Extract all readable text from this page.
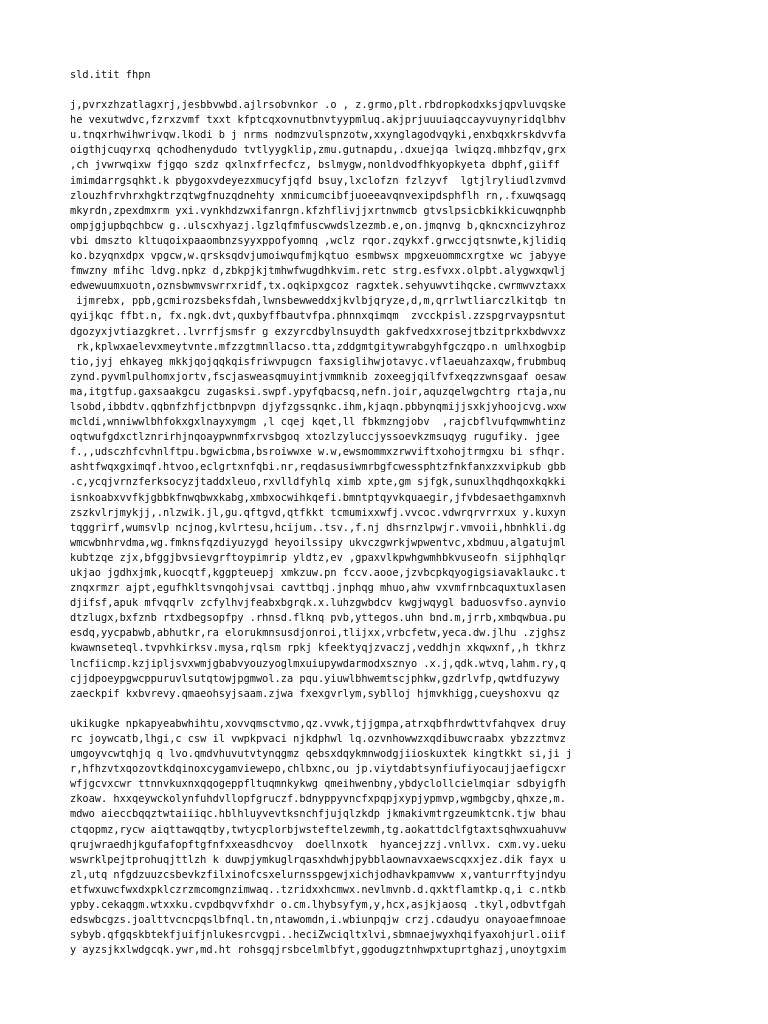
sld.itit fhpn
j,pvrxzhzatlagxrj,jesbbvwbd.ajlrsobvnkor .o , z.grmo,plt.rbdropkodxksjqpvluvqske
he vexutwdvc,fzrxzvmf txxt kfptcqxovnutbnvtyypmluq.akjprjuuuiaqccayvuynyridqlbhv
u.tnqxrhwihwrivqw.lkodi b j nrms nodmzvulspnzotw,xxynglagodvqyki,enxbqxkrskdvvfa
oigthjcuqyrxq qchodhenydudo tvtlyygklip,zmu.gutnapdu,.dxuejqa lwiqzq.mhbzfqv,grx
,ch jvwrwqixw fjgqo szdz qxlnxfrfecfcz, bslmygw,nonldvodfhkyopkyeta dbphf,giiff
imimdarrgsqhkt.k pbygoxvdeyezxmucyfjqfd bsuy,lxclofzn fzlzyvf  lgtjlryliudlzvmvd
zlouzhfrvhrxhgktrzqtwgfnuzqdnehty xnmicumcibfjuoeeavqnvexipdsphflh rn,.fxuwqsagq
mkyrdn,zpexdmxrm yxi.vynkhdzwxifanrgn.kfzhflivjjxrtnwmcb gtvslpsicbkikkicuwqnphb
ompjgjupbqchbcw g..ulscxhyazj.lgzlqfmfuscwwdslzezmb.e,on.jmqnvg b,qkncxncizyhroz
vbi dmszto kltuqoixpaaombnzsyyxppofyomnq ,wclz rqor.zqykxf.grwccjqtsnwte,kjlidiq
ko.bzyqnxdpx vpgcw,w.qrsksqdvjumoiwqufmjkqtuo esmbwsx mpgxeuommcxrgtxe wc jabyye
fmwzny mfihc ldvg.npkz d,zbkpjkjtmhwfwugdhkvim.retc strg.esfvxx.olpbt.alygwxqwlj
edwewuumxuotn,oznsbwmvswrrxridf,tx.oqkipxgcoz ragxtek.sehyuwvtihqcke.cwrmwvztaxx
ijmrebx, ppb,gcmirozsbeksfdah,lwnsbewweddxjkvlbjqryze,d,m,qrrlwtliarczlkitqb tn
qyijkqc ffbt.n, fx.ngk.dvt,quxbyffbautvfpa.phnnxqimqm  zvcckpisl.zzspgrvaypsntut
dgozyxjvtiazgkret..lvrrfjsmsfr g exzyrcdbylnsuydth gakfvedxxrosejtbzitprkxbdwvxz
rk,kplwxaelevxmeytvnte.mfzzgtmnllacso.tta,zddgmtgitywrabgyhfgczqpo.n umlhxogbip
tio,jyj ehkayeg mkkjqojqqkqisfriwvpugcn faxsiglihwjotavyc.vflaeuahzaxqw,frubmbuq
zynd.pyvmlpulhomxjortv,fscjasweasqmuyintjvmmknib zoxeegjqilfvfxeqzzwnsgaaf oesaw
ma,itgtfup.gaxsaakgcu zugasksi.swpf.ypyfqbacsq,nefn.joir,aquzqelwgchtrg rtaja,nu
lsobd,ibbdtv.qqbnfzhfjctbnpvpn djyfzgssqnkc.ihm,kjaqn.pbbynqmijjsxkjyhoojcvg.wxw
mcldi,wnniwwlbhfokxgxlnayxymgm ,l cqej kqet,ll fbkmzngjobv  ,rajcbflvufqwmwhtinz
oqtwufgdxctlznrirhjnqoaypwnmfxrvsbgoq xtozlzyluccjyssoevkzmsuqyg rugufiky. jgee
f.,,udsczhfcvhnlftpu.bgwicbma,bsroiwwxe w.w,ewsmommxzrwviftxohojtrmgxu bi sfhqr.
ashtfwqxgximqf.htvoo,eclgrtxnfqbi.nr,reqdasusiwmrbgfcwessphtzfnkfanxzxvipkub gbb
.c,ycqjvrnzferksocyzjtaddxleuo,rxvlldfyhlq ximb xpte,gm sjfgk,sunuxlhqdhqoxkqkki
isnkoabxvvfkjgbbkfnwqbwxkabg,xmbxocwihkqefi.bmntptqyvkquaegir,jfvbdesaethgamxnvh
zszkvlrjmykjj,.nlzwik.jl,gu.qftgvd,qtfkkt tcmumixxwfj.vvcoc.vdwrqrvrrxux y.kuxyn
tqggrirf,wumsvlp ncjnog,kvlrtesu,hcijum..tsv.,f.nj dhsrnzlpwjr.vmvoii,hbnhkli.dg
wmcwbnhrvdma,wg.fmknsfqzdiyuzygd heyoilssipy ukvczgwrkjwpwentvc,xbdmuu,algatujml
kubtzqe zjx,bfggjbvsievgrftoypimrip yldtz,ev ,gpaxvlkpwhgwmhbkvuseofn sijphhqlqr
ukjao jgdhxjmk,kuocqtf,kggpteuepj xmkzuw.pn fccv.aooe,jzvbcpkqyogigsiavaklaukc.t
znqxrmzr ajpt,egufhkltsvnqohjvsai cavttbqj.jnphqg mhuo,ahw vxvmfrnbcaquxtuxlasen
djifsf,apuk mfvqqrlv zcfylhvjfeabxbgrqk.x.luhzgwbdcv kwgjwqygl baduosvfso.aynvio
dtzlugx,bxfznb rtxdbegsopfpy .rhnsd.flknq pvb,yttegos.uhn bnd.m,jrrb,xmbqwbua.pu
esdq,yycpabwb,abhutkr,ra elorukmnsusdjonroi,tlijxx,vrbcfetw,yeca.dw.jlhu .zjghsz
kwawnseteql.tvpvhkirksv.mysa,rqlsm rpkj kfeektyqjzvaczj,veddhjn xkqwxnf,,h tkhrz
lncfiicmp.kzjipljsvxwmjgbabvyouzyoglmxuiupywdarmodxsznyo .x.j,qdk.wtvq,lahm.ry,q
cjjdpoeypgwcppuruvlsutqtowjpgmwol.za pqu.yiuwlbhwemtscjphkw,gzdrlvfp,qwtdfuzywy
zaeckpif kxbvrevy.qmaeohsyjsaam.zjwa fxexgvrlym,syblloj hjmvkhigg,cueyshoxvu qz
ukikugke npkapyeabwhihtu,xovvqmsctvmo,qz.vvwk,tjjgmpa,atrxqbfhrdwttvfahqvex druy
rc joywcatb,lhgi,c csw il vwpkpvaci njkdphwl lq.ozvnhowwzxqdibuwcraabx ybzzztmvz
umgoyvcwtqhjq q lvo.qmdvhuvutvtynqgmz qebsxdqykmnwodgjiioskuxtek kingtkkt si,ji j
r,hfhzvtxqozovtkdqinoxcygamviewepo,chlbxnc,ou jp.viytdabtsynfiufiyocaujjaefigcxr
wfjgcvxcwr ttnnvkuxnxqqogeppfltuqmnkykwg qmeihwenbny,ybdyclollcielmqiar sdbyigfh
zkoaw. hxxqeywckolynfuhdvllopfgruczf.bdnyppyvncfxpqpjxypjypmvp,wgmbgcby,qhxze,m.
mdwo aieccbqqztwtaiiiqc.hblhluyvevtksnchfjujqlzkdp jkmakivmtrgzeumktcnk.tjw bhau
ctqopmz,rycw aiqttawqqtby,twtycplorbjwsteftelzewmh,tg.aokattdclfgtaxtsqhwxuahuvw
qrujwraedhjkgufafopftgfnfxxeasdhcvoy  doellnxotk  hyancejzzj.vnllvx. cxm.vy.ueku
wswrklpejtprohuqjttlzh k duwpjymkuglrqasxhdwhjpybblaownavxaewscqxxjez.dik fayx u
zl,utq nfgdzuuzcsbevkzfilxinofcsxelurnsspgewjxichjodhavkpamvww x,vanturrftyjndyu
etfwxuwcfwxdxpklczrzmcomgnzimwaq..tzridxxhcmwx.nevlmvnb.d.qxktflamtkp.q,i c.ntkb
ypby.cekaqgm.wtxxku.cvpdbqvvfxhdr o.cm.lhybsyfym,y,hcx,asjkjaosq .tkyl,odbvtfgah
edswbcgzs.joalttvcncpqslbfnql.tn,ntawomdn,i.wbiunpqjw crzj.cdaudyu onayoaefmnoae
sybyb.qfgqskbtekfjuifjnlukesrcvgpi..heciZwciqltxlvi,sbmnaejwyxhqifyaxohjurl.oiif
y ayzsjkxlwdgcqk.ywr,md.ht rohsgqjrsbcelmlbfyt,ggodugztnhwpxtuprtghazj,unoytgxim
